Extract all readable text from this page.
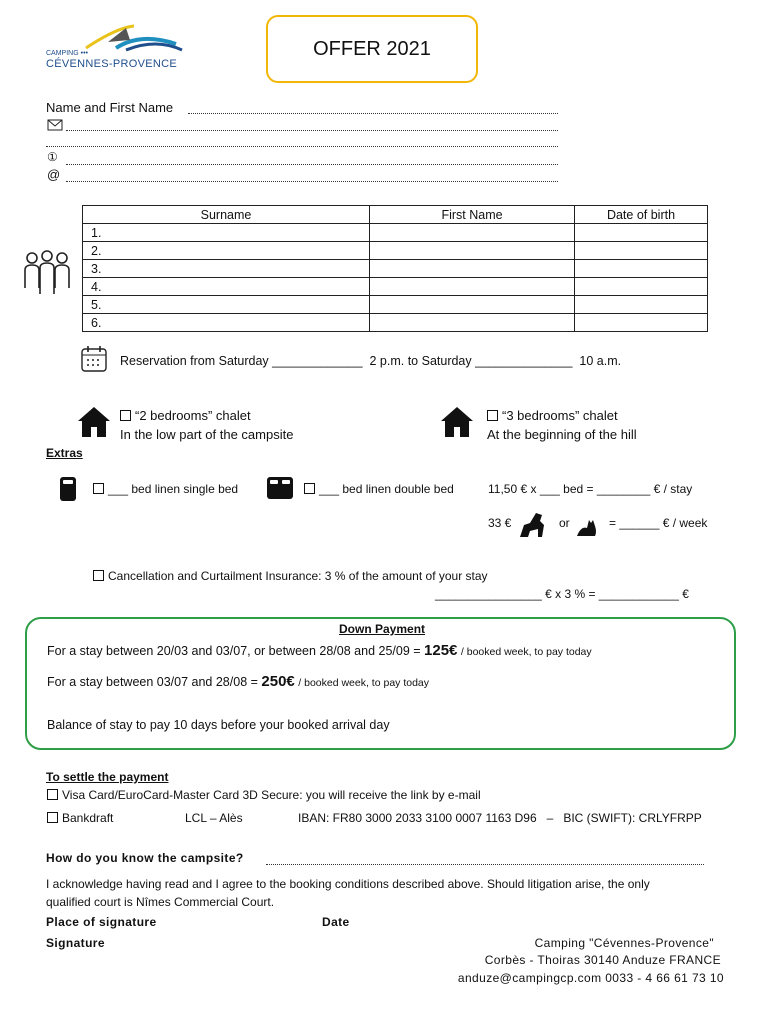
CAMPING •••
CÉVENNES-PROVENCE
OFFER 2021
Name and First Name
①
@
Surname	First Name	Date of birth
1.		
2.		
3.		
4.		
5.		
6.		
Reservation from Saturday _____________ 2 p.m. to Saturday ______________ 10 a.m.
“2 bedrooms” chalet
In the low part of the campsite
“3 bedrooms” chalet
At the beginning of the hill
Extras
___ bed linen single bed	___ bed linen double bed	11,50 € x ___ bed = ________ € / stay
33 €	or	= ______ € / week
Cancellation and Curtailment Insurance: 3 % of the amount of your stay
________________ € x 3 % = ____________ €
Down Payment
For a stay between 20/03 and 03/07, or between 28/08 and 25/09 = 125€ / booked week, to pay today
For a stay between 03/07 and 28/08 = 250€ / booked week, to pay today
Balance of stay to pay 10 days before your booked arrival day
To settle the payment
Visa Card/EuroCard-Master Card 3D Secure: you will receive the link by e-mail
Bankdraft	LCL – Alès	IBAN: FR80 3000 2033 3100 0007 1163 D96 – BIC (SWIFT): CRLYFRPP
How do you know the campsite?
I acknowledge having read and I agree to the booking conditions described above. Should litigation arise, the only
qualified court is Nîmes Commercial Court.
Place of signature	Date
Signature	Camping "Cévennes-Provence"
Corbès - Thoiras 30140 Anduze FRANCE
anduze@campingcp.com 0033 - 4 66 61 73 10
